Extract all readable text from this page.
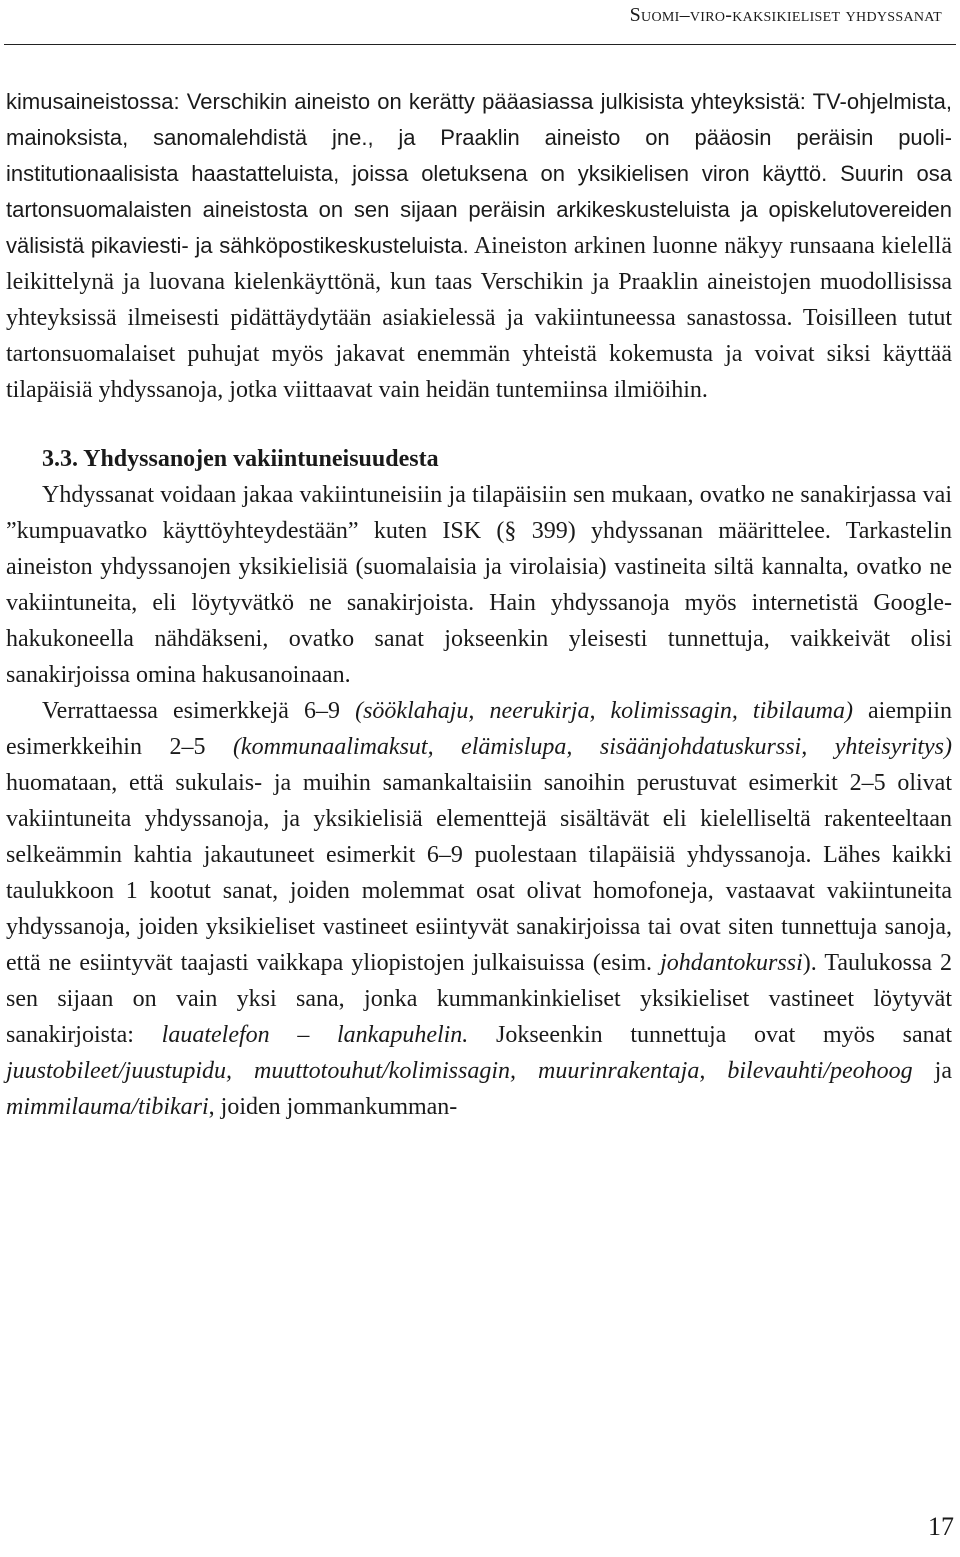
Suomi–viro-kaksikieliset yhdyssanat

kimusaineistossa: Verschikin aineisto on kerätty pääasiassa julkisista yhteyksistä: TV-ohjelmista, mainoksista, sanomalehdistä jne., ja Praaklin aineisto on pääosin peräisin puoli-institutionaalisista haastatteluista, joissa oletuksena on yksikielisen viron käyttö. Suurin osa tartonsuomalaisten aineistosta on sen sijaan peräisin arkikeskusteluista ja opiskelutovereiden välisistä pikaviesti- ja sähköpostikeskusteluista. Aineiston arkinen luonne näkyy runsaana kielellä leikittelynä ja luovana kielenkäyttönä, kun taas Verschikin ja Praaklin aineistojen muodollisissa yhteyksissä ilmeisesti pidättäydytään asiakielessä ja vakiintuneessa sanastossa. Toisilleen tutut tartonsuomalaiset puhujat myös jakavat enemmän yhteistä kokemusta ja voivat siksi käyttää tilapäisiä yhdyssanoja, jotka viittaavat vain heidän tuntemiinsa ilmiöihin.

3.3. Yhdyssanojen vakiintuneisuudesta

Yhdyssanat voidaan jakaa vakiintuneisiin ja tilapäisiin sen mukaan, ovatko ne sanakirjassa vai ”kumpuavatko käyttöyhteydestään” kuten ISK (§ 399) yhdyssanan määrittelee. Tarkastelin aineiston yhdyssanojen yksikielisiä (suomalaisia ja virolaisia) vastineita siltä kannalta, ovatko ne vakiintuneita, eli löytyvätkö ne sanakirjoista. Hain yhdyssanoja myös internetistä Google-hakukoneella nähdäkseni, ovatko sanat jokseenkin yleisesti tunnettuja, vaikkeivät olisi sanakirjoissa omina hakusanoinaan.

Verrattaessa esimerkkejä 6–9 (sööklahaju, neerukirja, kolimissagin, tibilauma) aiempiin esimerkkeihin 2–5 (kommunaalimaksut, elämislupa, sisäänjohdatuskurssi, yhteisyritys) huomataan, että sukulais- ja muihin samankaltaisiin sanoihin perustuvat esimerkit 2–5 olivat vakiintuneita yhdyssanoja, ja yksikielisiä elementtejä sisältävät eli kielelliseltä rakenteeltaan selkeämmin kahtia jakautuneet esimerkit 6–9 puolestaan tilapäisiä yhdyssanoja. Lähes kaikki taulukkoon 1 kootut sanat, joiden molemmat osat olivat homofoneja, vastaavat vakiintuneita yhdyssanoja, joiden yksikieliset vastineet esiintyvät sanakirjoissa tai ovat siten tunnettuja sanoja, että ne esiintyvät taajasti vaikkapa yliopistojen julkaisuissa (esim. johdantokurssi). Taulukossa 2 sen sijaan on vain yksi sana, jonka kummankinkieliset yksikieliset vastineet löytyvät sanakirjoista: lauatelefon – lankapuhelin. Jokseenkin tunnettuja ovat myös sanat juustobileet/juustupidu, muuttotouhut/kolimissagin, muurinrakentaja, bilevauhti/peohoog ja mimmilauma/tibikari, joiden jommankumman-

17
